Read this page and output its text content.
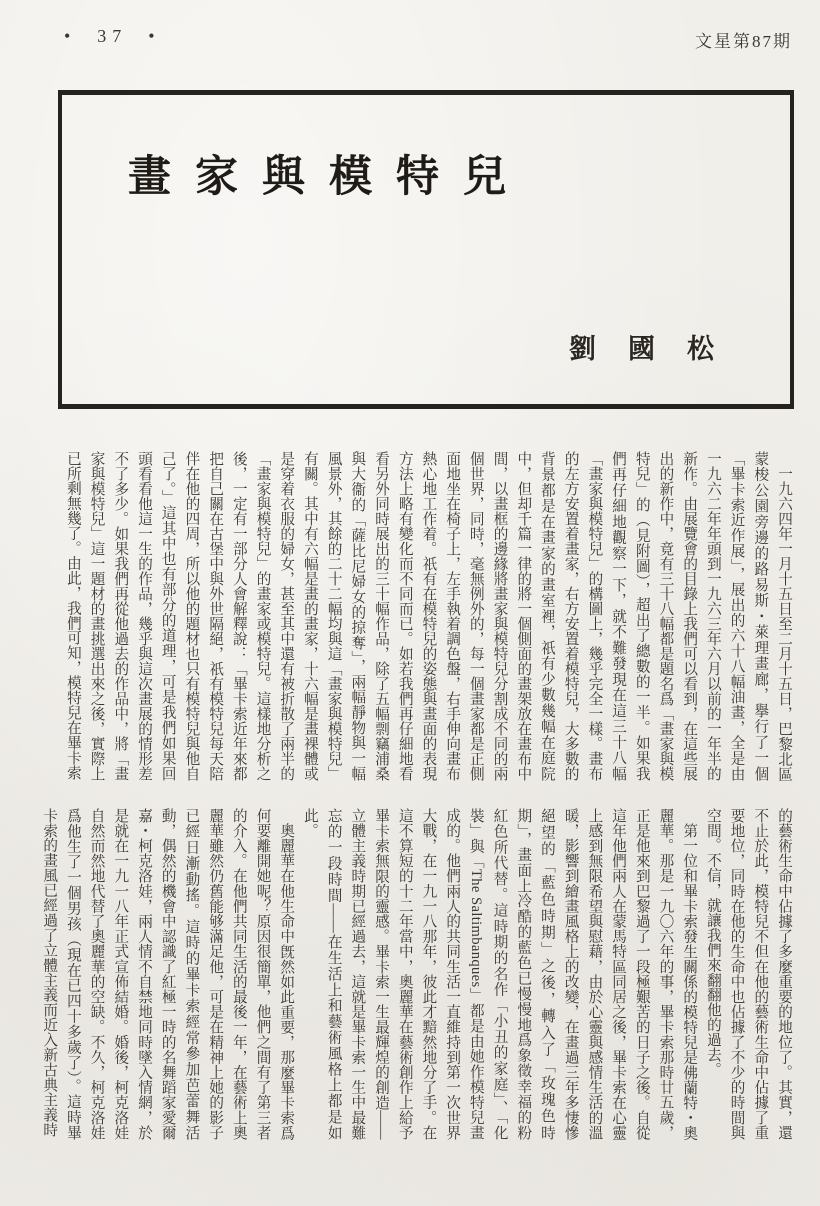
•  37  •	文星第87期
畫家與模特兒
劉國松

一九六四年一月十五日至二月十五日，巴黎北區蒙梭公園旁邊的路易斯・萊理畫廊，擧行了一個「畢卡索近作展」，展出的六十八幅油畫，全是由一九六二年年頭到一九六三年六月以前的一年半的新作。由展覽會的目錄上我們可以看到，在這些展出的新作中，竟有三十八幅都是題名爲「畫家與模特兒」的（見附圖），超出了總數的一半。如果我們再仔細地觀察一下，就不難發現在這三十八幅「畫家與模特兒」的構圖上，幾乎完全一樣。畫布的左方安置着畫家，右方安置着模特兒，大多數的背景都是在畫家的畫室裡，祇有少數幾幅在庭院中，但却千篇一律的將一個側面的畫架放在畫布中間，以畫框的邊緣將畫家與模特兒分割成不同的兩個世界，同時，毫無例外的，每一個畫家都是正側面地坐在椅子上，左手執着調色盤，右手伸向畫布熱心地工作着。祇有在模特兒的姿態與畫面的表現方法上略有變化而不同而已。如若我們再仔細地看看另外同時展出的三十幅作品，除了五幅剽竊浦桑與大衞的「薩比尼婦女的掠奪」，兩幅靜物與一幅風景外，其餘的二十二幅均與這「畫家與模特兒」有關。其中有六幅是畫的畫家，十六幅是畫裸體或是穿着衣服的婦女，甚至其中還有被折散了兩半的「畫家與模特兒」的畫家或模特兒。這樣地分析之後，一定有一部分人會解釋說：「畢卡索近年來都把自己關在古堡中與外世隔絕，祇有模特兒每天陪伴在他的四周，所以他的題材也只有模特兒與他自己了。」這其中也有部分的道理，可是我們如果回頭看看他這一生的作品，幾乎與這次畫展的情形差不了多少。如果我們再從他過去的作品中，將「畫家與模特兒」這一題材的畫挑選出來之後，實際上已所剩無幾了。由此，我們可知，模特兒在畢卡索

的藝術生命中佔據了多麼重要的地位了。其實，還不止於此，模特兒不但在他的藝術生命中佔據了重要地位，同時在他的生命中也佔據了不少的時間與空間。不信，就讓我們來翻翻他的過去。

第一位和畢卡索發生關係的模特兒是佛蘭特・奧麗華。那是一九〇六年的事，畢卡索那時廿五歲，正是他來到巴黎過了一段極艱苦的日子之後。自從這年他們兩人在蒙馬特區同居之後，畢卡索在心靈上感到無限希望與慰藉，由於心靈與感情生活的溫暖，影響到繪畫風格上的改變，在畫過三年多悽慘絕望的「藍色時期」之後，轉入了「玫瑰色時期」，畫面上冷酷的藍色已慢慢地爲象徵幸福的粉紅色所代替。這時期的名作「小丑的家庭」、「化裝」與「The Saltimbanques」都是由她作模特兒畫成的。他們兩人的共同生活一直維持到第一次世界大戰，在一九一八那年，彼此才黯然地分了手。在這不算短的十二年當中，奧麗華在藝術創作上給予畢卡索無限的靈感。畢卡索一生最輝煌的創造——立體主義時期已經過去，這就是畢卡索一生中最難忘的一段時間——在生活上和藝術風格上都是如此。

奧麗華在他生命中旣然如此重要，那麼畢卡索爲何要離開她呢？原因很簡單，他們之間有了第三者的介入。在他們共同生活的最後一年，在藝術上奧麗華雖然仍舊能够滿足他，可是在精神上她的影子已經日漸動搖。這時的畢卡索經常參加芭蕾舞活動，偶然的機會中認識了紅極一時的名舞蹈家愛爾嘉・柯克洛娃，兩人情不自禁地同時墜入情網，於是就在一九一八年正式宣佈結婚。婚後，柯克洛娃自然而然地代替了奧麗華的空缺。不久，柯克洛娃爲他生了一個男孩（現在已四十多歲了）。這時畢卡索的畫風已經過了立體主義而近入新古典主義時
